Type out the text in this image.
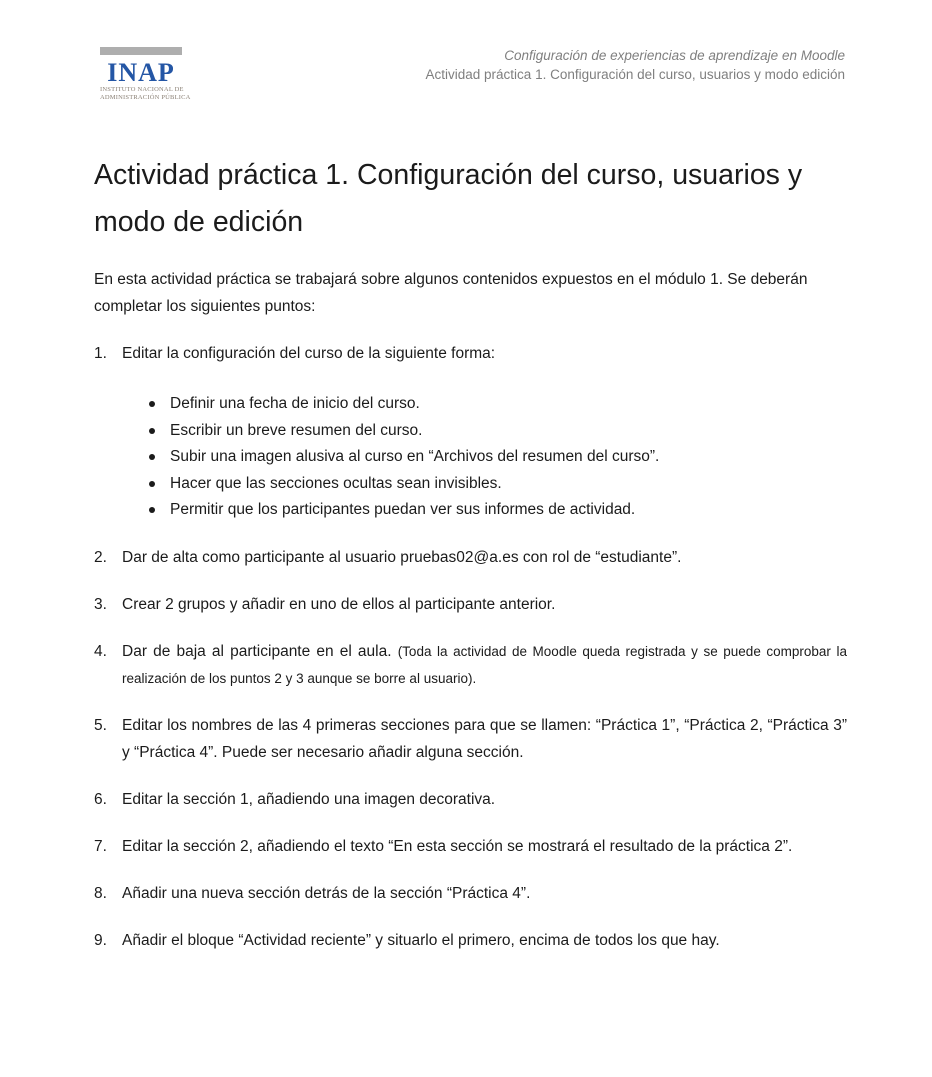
INAP
INSTITUTO NACIONAL DE
ADMINISTRACIÓN PÚBLICA
Configuración de experiencias de aprendizaje en Moodle
Actividad práctica 1. Configuración del curso, usuarios y modo edición
Actividad práctica 1. Configuración del curso, usuarios y modo de edición

En esta actividad práctica se trabajará sobre algunos contenidos expuestos en el módulo 1. Se deberán completar los siguientes puntos:

1. Editar la configuración del curso de la siguiente forma:

Definir una fecha de inicio del curso.
Escribir un breve resumen del curso.
Subir una imagen alusiva al curso en “Archivos del resumen del curso”.
Hacer que las secciones ocultas sean invisibles.
Permitir que los participantes puedan ver sus informes de actividad.
2. Dar de alta como participante al usuario pruebas02@a.es con rol de “estudiante”.

3. Crear 2 grupos y añadir en uno de ellos al participante anterior.

4. Dar de baja al participante en el aula. (Toda la actividad de Moodle queda registrada y se puede comprobar la realización de los puntos 2 y 3 aunque se borre al usuario).

5. Editar los nombres de las 4 primeras secciones para que se llamen: “Práctica 1”, “Práctica 2, “Práctica 3” y “Práctica 4”. Puede ser necesario añadir alguna sección.

6. Editar la sección 1, añadiendo una imagen decorativa.

7. Editar la sección 2, añadiendo el texto “En esta sección se mostrará el resultado de la práctica 2”.

8. Añadir una nueva sección detrás de la sección “Práctica 4”.

9. Añadir el bloque “Actividad reciente” y situarlo el primero, encima de todos los que hay.
